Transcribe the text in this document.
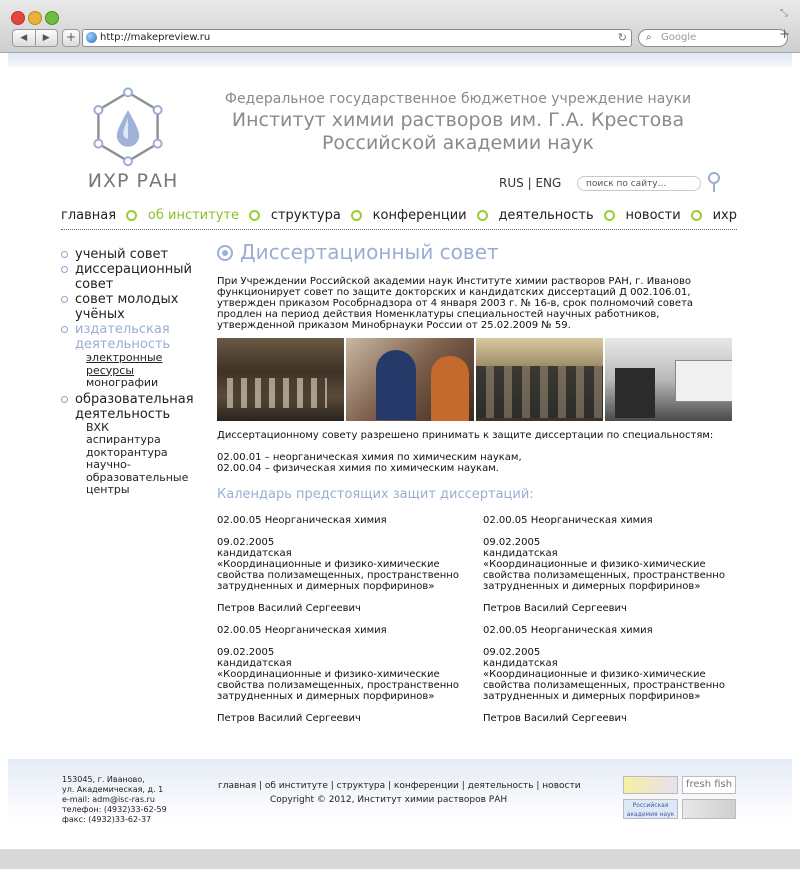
⤡
◀	▶	+	http://makepreview.ru	↻ ⌕ Google	+
ИХР РАН
Федеральное государственное бюджетное учреждение науки
Институт химии растворов им. Г.А. Крестова
Российской академии наук
RUS | ENG	поиск по сайту...
главная об институте структура конференции деятельность новости ихр
ученый совет
диссерационный совет
совет молодых учёных
издательская деятельность
электронные ресурсы
монографии
образовательная деятельность
ВХК
аспирантура
докторантура
научно-образовательные центры
Диссертационный совет
При Учреждении Российской академии наук Институте химии растворов РАН, г. Иваново функционирует совет по защите докторских и кандидатских диссертаций Д 002.106.01, утвержден приказом Рособрнадзора от 4 января 2003 г. № 16-в, срок полномочий совета продлен на период действия Номенклатуры специальностей научных работников, утвержденной приказом Минобрнауки России от 25.02.2009 № 59.
Диссертационному совету разрешено принимать к защите диссертации по специальностям:
02.00.01 – неорганическая химия по химическим наукам,
02.00.04 – физическая химия по химическим наукам.
Календарь предстоящих защит диссертаций:
02.00.05 Неорганическая химия
09.02.2005
кандидатская
«Координационные и физико-химические свойства полизамещенных, пространственно затрудненных и димерных порфиринов»
Петров Василий Сергеевич
02.00.05 Неорганическая химия
09.02.2005
кандидатская
«Координационные и физико-химические свойства полизамещенных, пространственно затрудненных и димерных порфиринов»
Петров Василий Сергеевич
02.00.05 Неорганическая химия
09.02.2005
кандидатская
«Координационные и физико-химические свойства полизамещенных, пространственно затрудненных и димерных порфиринов»
Петров Василий Сергеевич
02.00.05 Неорганическая химия
09.02.2005
кандидатская
«Координационные и физико-химические свойства полизамещенных, пространственно затрудненных и димерных порфиринов»
Петров Василий Сергеевич
153045, г. Иваново,
ул. Академическая, д. 1
e-mail: adm@isc-ras.ru
телефон: (4932)33-62-59
факс: (4932)33-62-37
главная | об институте | структура | конференции | деятельность | новости
Copyright © 2012, Институт химии растворов РАН
fresh fish
Российская академия наук
